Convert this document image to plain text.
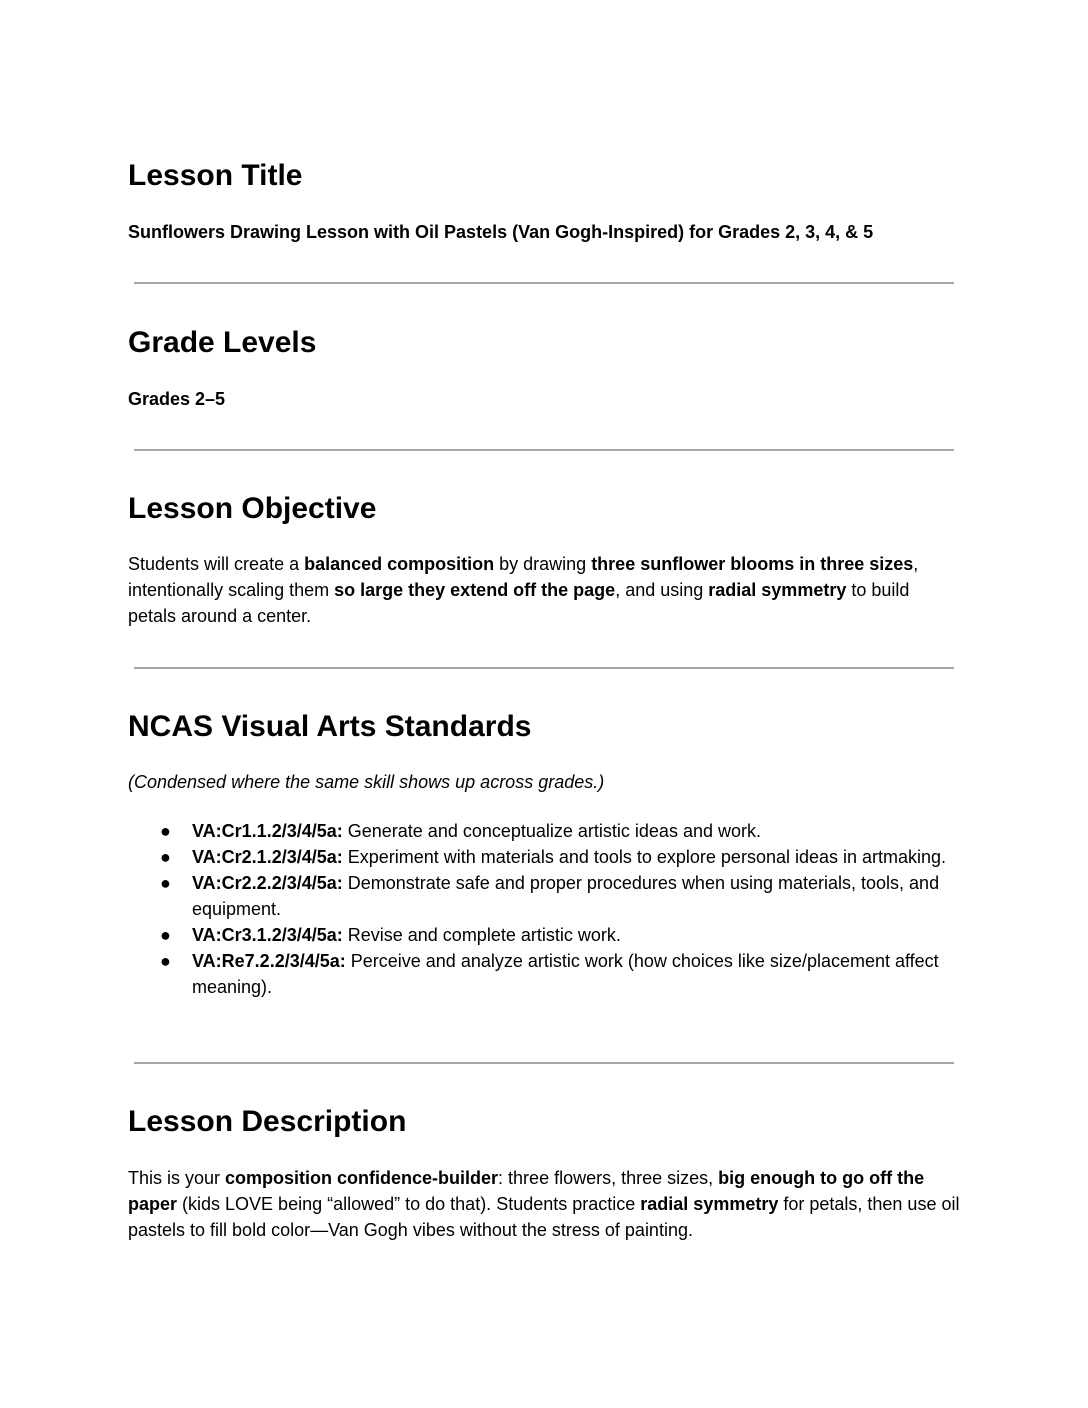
Lesson Title

Sunflowers Drawing Lesson with Oil Pastels (Van Gogh-Inspired) for Grades 2, 3, 4, & 5

Grade Levels

Grades 2–5

Lesson Objective

Students will create a balanced composition by drawing three sunflower blooms in three sizes, intentionally scaling them so large they extend off the page, and using radial symmetry to build petals around a center.

NCAS Visual Arts Standards

(Condensed where the same skill shows up across grades.)

● VA:Cr1.1.2/3/4/5a: Generate and conceptualize artistic ideas and work.
● VA:Cr2.1.2/3/4/5a: Experiment with materials and tools to explore personal ideas in artmaking.
● VA:Cr2.2.2/3/4/5a: Demonstrate safe and proper procedures when using materials, tools, and equipment.
● VA:Cr3.1.2/3/4/5a: Revise and complete artistic work.
● VA:Re7.2.2/3/4/5a: Perceive and analyze artistic work (how choices like size/placement affect meaning).
Lesson Description

This is your composition confidence-builder: three flowers, three sizes, big enough to go off the paper (kids LOVE being “allowed” to do that). Students practice radial symmetry for petals, then use oil pastels to fill bold color—Van Gogh vibes without the stress of painting.
